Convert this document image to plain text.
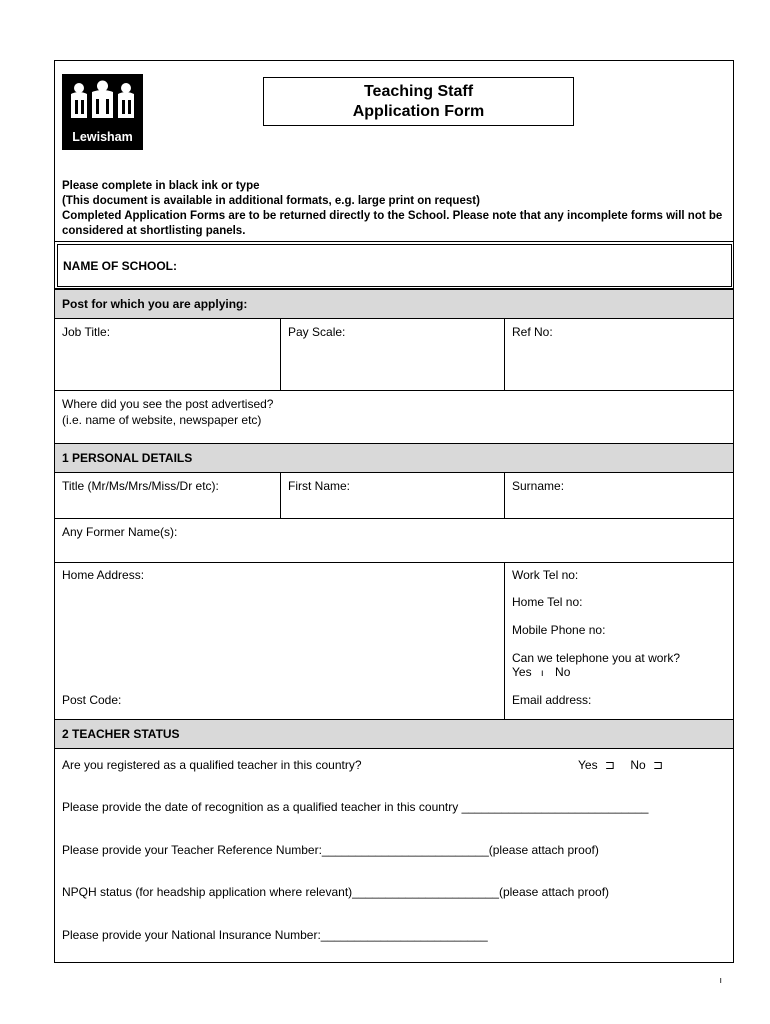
Lewisham
Teaching Staff
Application Form
Please complete in black ink or type
(This document is available in additional formats, e.g. large print on request)
Completed Application Forms are to be returned directly to the School. Please note that any incomplete forms will not be considered at shortlisting panels.
NAME OF SCHOOL:
Post for which you are applying:
Job Title:	Pay Scale:	Ref No:
Where did you see the post advertised?
(i.e. name of website, newspaper etc)
1 PERSONAL DETAILS
Title (Mr/Ms/Mrs/Miss/Dr etc):	First Name:	Surname:
Any Former Name(s):
Home Address:
Post Code:
Work Tel no:
Home Tel no:
Mobile Phone no:
Can we telephone you at work?
Yes ı No
Email address:
2 TEACHER STATUS
Are you registered as a qualified teacher in this country?	Yes ⊐ No ⊐
Please provide the date of recognition as a qualified teacher in this country ____________________________
Please provide your Teacher Reference Number:_________________________(please attach proof)
NPQH status (for headship application where relevant)______________________(please attach proof)
Please provide your National Insurance Number:_________________________
ı
